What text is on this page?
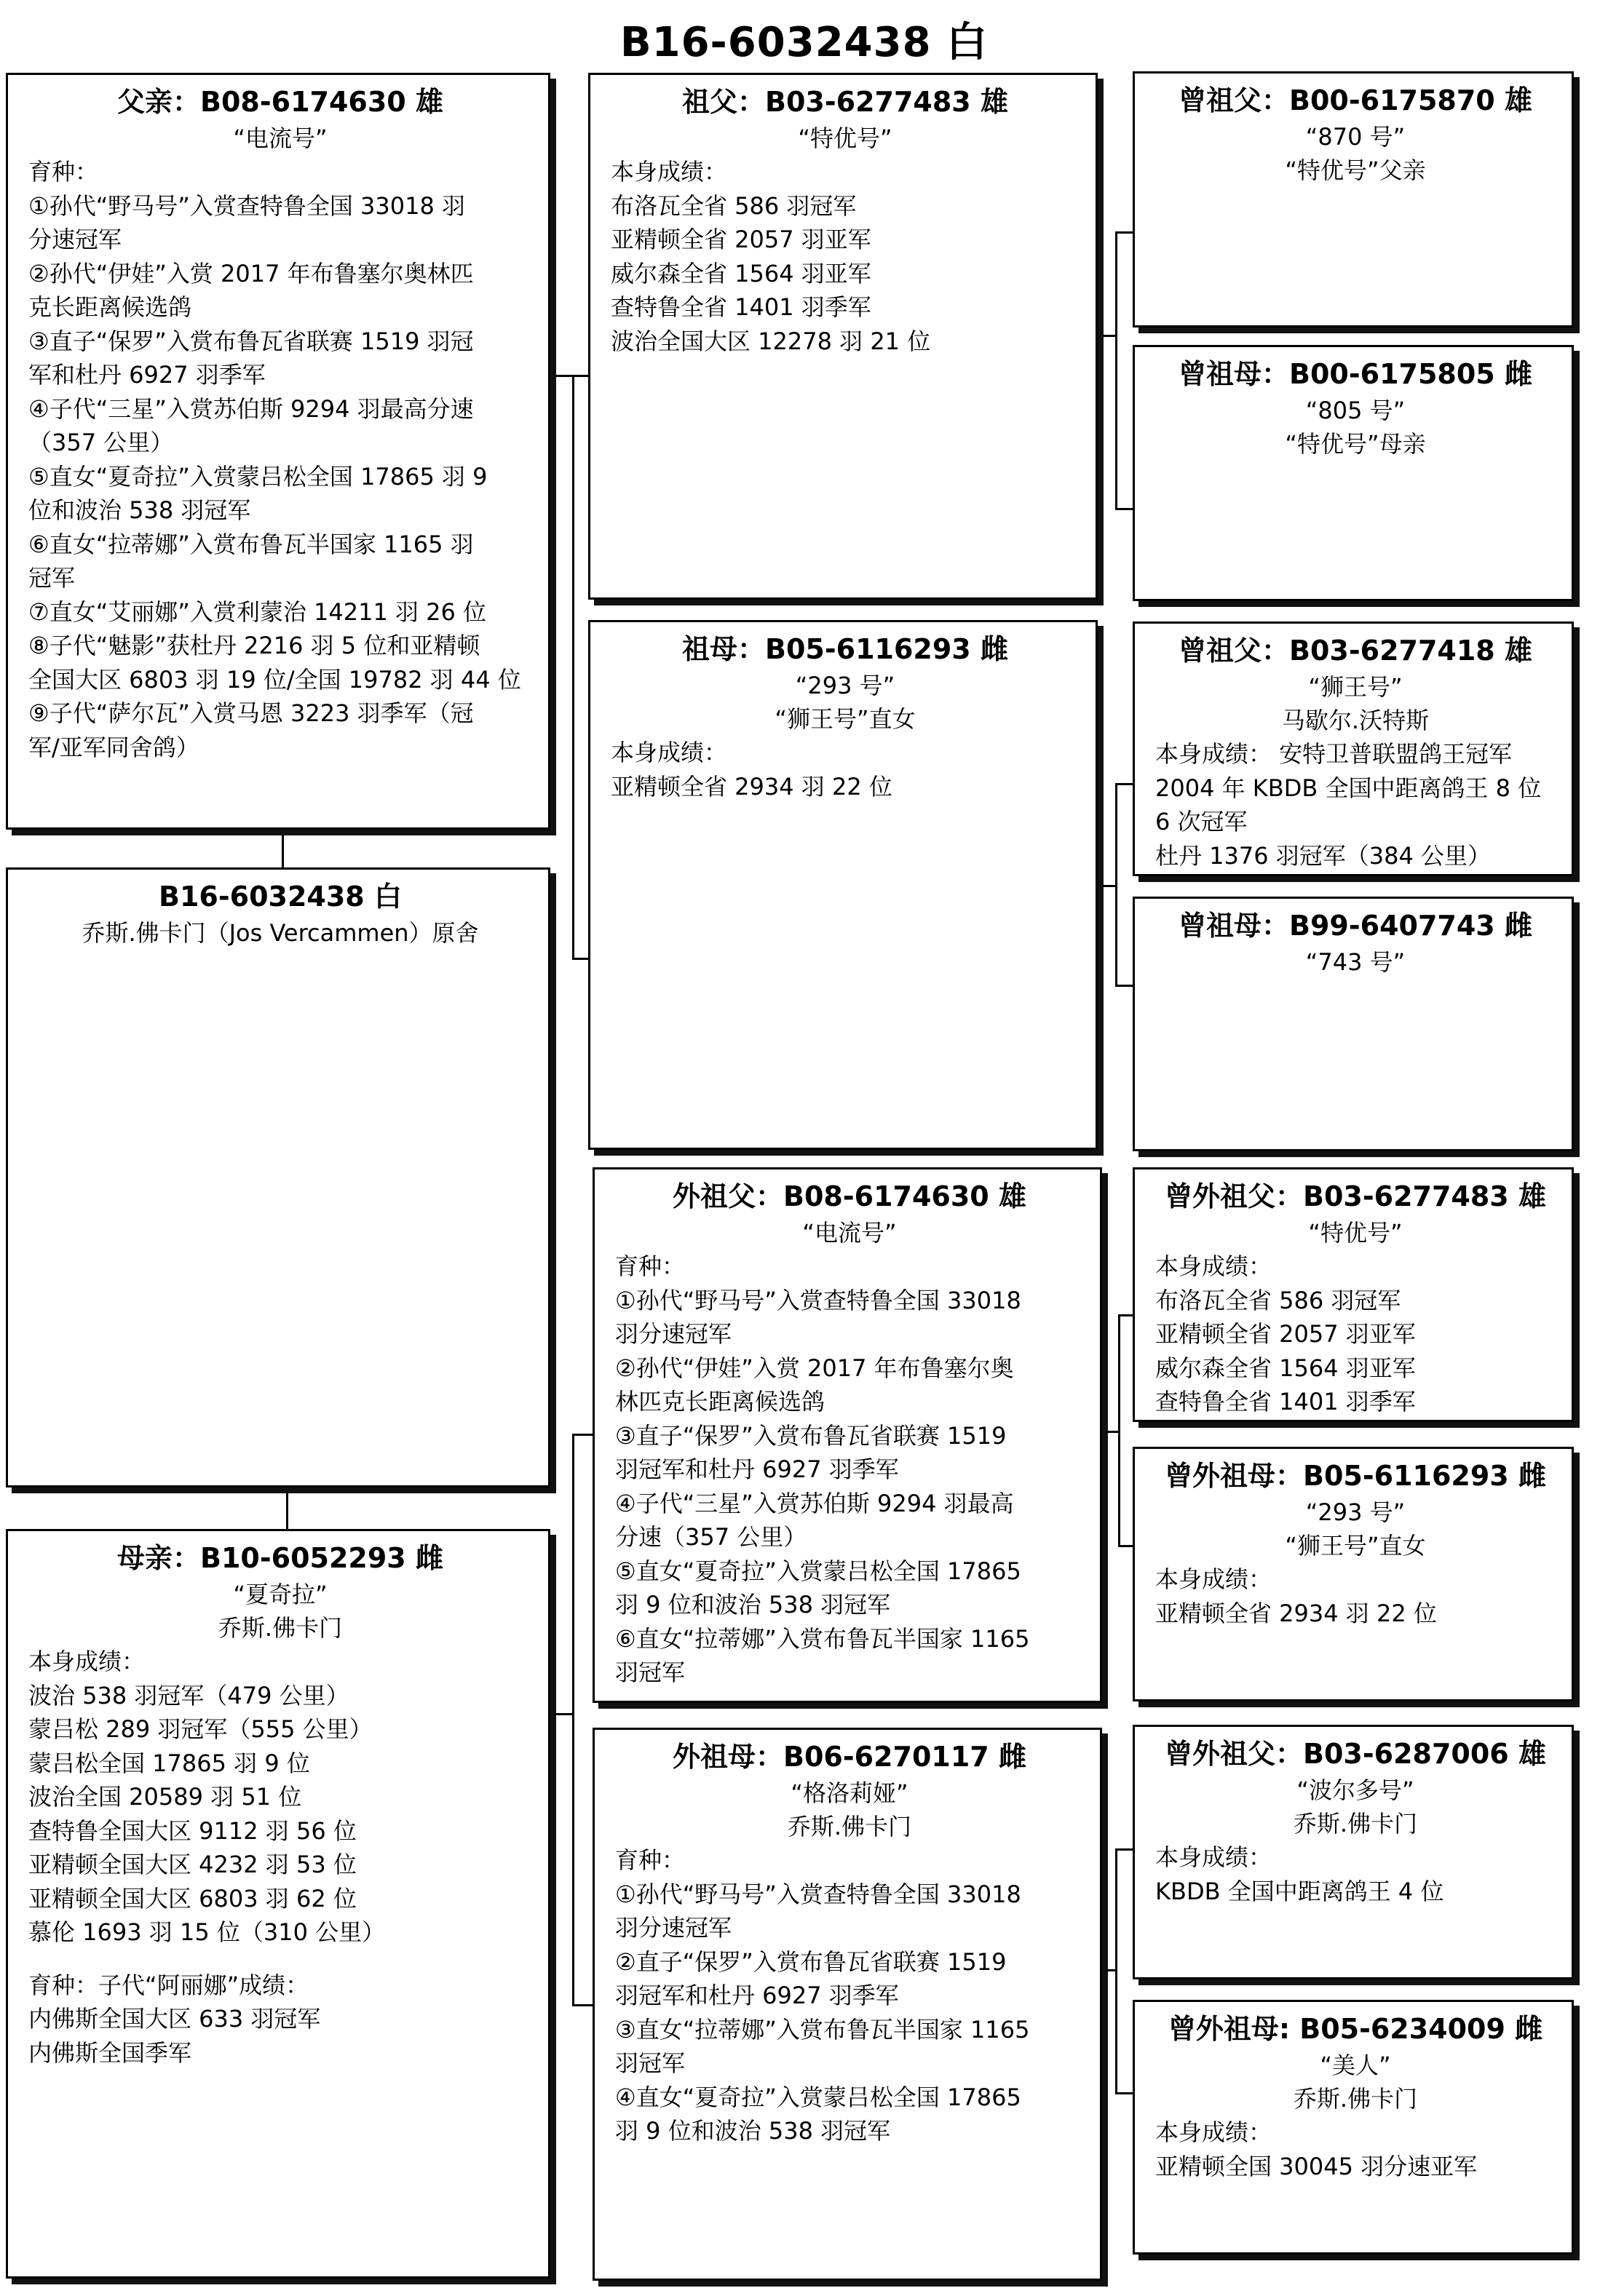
B16-6032438 白
父亲：B08-6174630 雄
“电流号”
育种：
①孙代“野马号”入赏查特鲁全国 33018 羽
分速冠军
②孙代“伊娃”入赏 2017 年布鲁塞尔奥林匹
克长距离候选鸽
③直子“保罗”入赏布鲁瓦省联赛 1519 羽冠
军和杜丹 6927 羽季军
④子代“三星”入赏苏伯斯 9294 羽最高分速
（357 公里）
⑤直女“夏奇拉”入赏蒙吕松全国 17865 羽 9
位和波治 538 羽冠军
⑥直女“拉蒂娜”入赏布鲁瓦半国家 1165 羽
冠军
⑦直女“艾丽娜”入赏利蒙治 14211 羽 26 位
⑧子代“魅影”获杜丹 2216 羽 5 位和亚精顿
全国大区 6803 羽 19 位/全国 19782 羽 44 位
⑨子代“萨尔瓦”入赏马恩 3223 羽季军（冠
军/亚军同舍鸽）
B16-6032438 白
乔斯.佛卡门（Jos Vercammen）原舍
母亲：B10-6052293 雌
“夏奇拉”
乔斯.佛卡门
本身成绩：
波治 538 羽冠军（479 公里）
蒙吕松 289 羽冠军（555 公里）
蒙吕松全国 17865 羽 9 位
波治全国 20589 羽 51 位
查特鲁全国大区 9112 羽 56 位
亚精顿全国大区 4232 羽 53 位
亚精顿全国大区 6803 羽 62 位
慕伦 1693 羽 15 位（310 公里）
育种：子代“阿丽娜”成绩：
内佛斯全国大区 633 羽冠军
内佛斯全国季军
祖父：B03-6277483 雄
“特优号”
本身成绩：
布洛瓦全省 586 羽冠军
亚精顿全省 2057 羽亚军
威尔森全省 1564 羽亚军
查特鲁全省 1401 羽季军
波治全国大区 12278 羽 21 位
祖母：B05-6116293 雌
“293 号”
“狮王号”直女
本身成绩：
亚精顿全省 2934 羽 22 位
外祖父：B08-6174630 雄
“电流号”
育种：
①孙代“野马号”入赏查特鲁全国 33018
羽分速冠军
②孙代“伊娃”入赏 2017 年布鲁塞尔奥
林匹克长距离候选鸽
③直子“保罗”入赏布鲁瓦省联赛 1519
羽冠军和杜丹 6927 羽季军
④子代“三星”入赏苏伯斯 9294 羽最高
分速（357 公里）
⑤直女“夏奇拉”入赏蒙吕松全国 17865
羽 9 位和波治 538 羽冠军
⑥直女“拉蒂娜”入赏布鲁瓦半国家 1165
羽冠军
外祖母：B06-6270117 雌
“格洛莉娅”
乔斯.佛卡门
育种：
①孙代“野马号”入赏查特鲁全国 33018
羽分速冠军
②直子“保罗”入赏布鲁瓦省联赛 1519
羽冠军和杜丹 6927 羽季军
③直女“拉蒂娜”入赏布鲁瓦半国家 1165
羽冠军
④直女“夏奇拉”入赏蒙吕松全国 17865
羽 9 位和波治 538 羽冠军
曾祖父：B00-6175870 雄
“870 号”
“特优号”父亲
曾祖母：B00-6175805 雌
“805 号”
“特优号”母亲
曾祖父：B03-6277418 雄
“狮王号”
马歇尔.沃特斯
本身成绩： 安特卫普联盟鸽王冠军
2004 年 KBDB 全国中距离鸽王 8 位
6 次冠军
杜丹 1376 羽冠军（384 公里）
曾祖母：B99-6407743 雌
“743 号”
曾外祖父：B03-6277483 雄
“特优号”
本身成绩：
布洛瓦全省 586 羽冠军
亚精顿全省 2057 羽亚军
威尔森全省 1564 羽亚军
查特鲁全省 1401 羽季军
曾外祖母：B05-6116293 雌
“293 号”
“狮王号”直女
本身成绩：
亚精顿全省 2934 羽 22 位
曾外祖父：B03-6287006 雄
“波尔多号”
乔斯.佛卡门
本身成绩：
KBDB 全国中距离鸽王 4 位
曾外祖母: B05-6234009 雌
“美人”
乔斯.佛卡门
本身成绩：
亚精顿全国 30045 羽分速亚军
